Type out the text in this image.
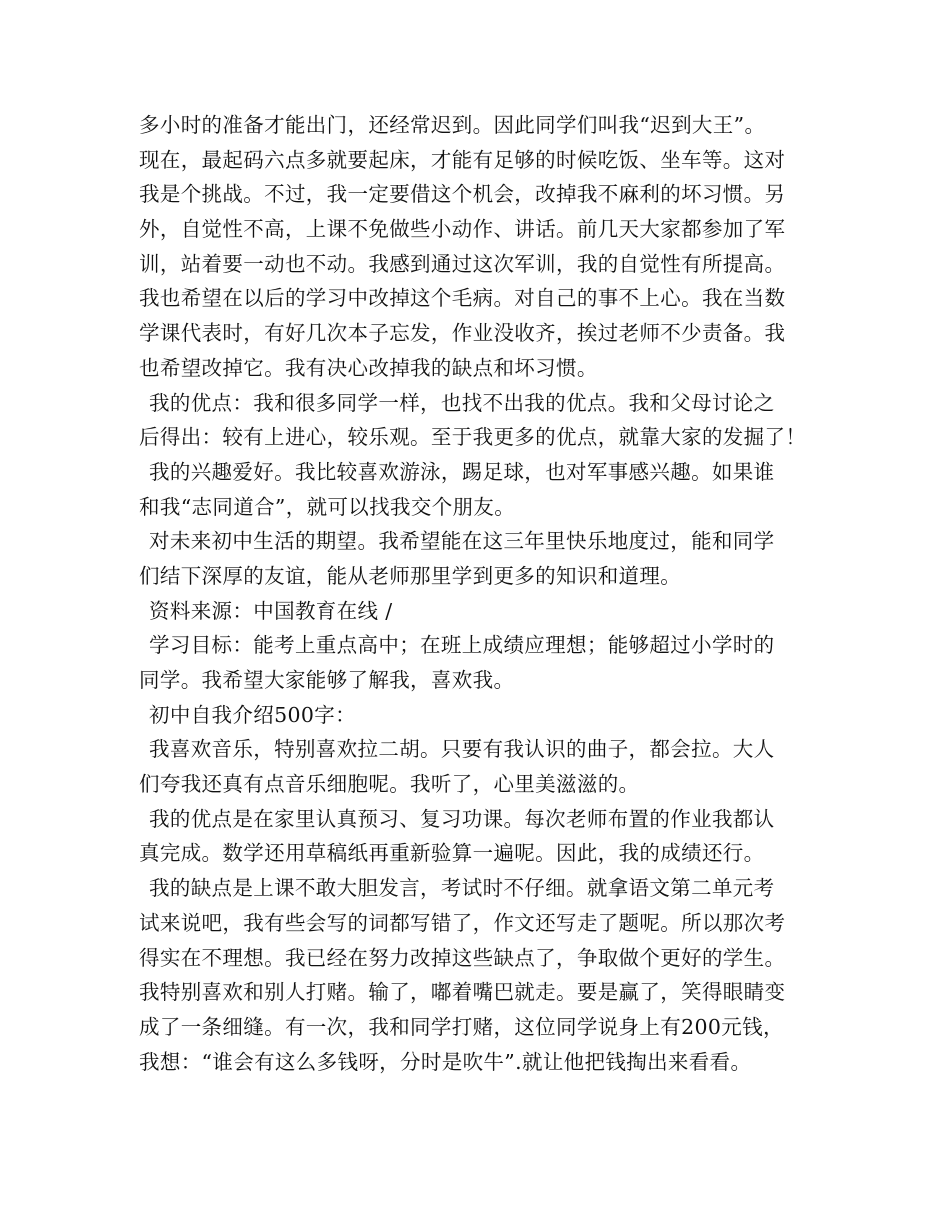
多小时的准备才能出门，还经常迟到。因此同学们叫我“迟到大王”。
现在，最起码六点多就要起床，才能有足够的时候吃饭、坐车等。这对
我是个挑战。不过，我一定要借这个机会，改掉我不麻利的坏习惯。另
外，自觉性不高，上课不免做些小动作、讲话。前几天大家都参加了军
训，站着要一动也不动。我感到通过这次军训，我的自觉性有所提高。
我也希望在以后的学习中改掉这个毛病。对自己的事不上心。我在当数
学课代表时，有好几次本子忘发，作业没收齐，挨过老师不少责备。我
也希望改掉它。我有决心改掉我的缺点和坏习惯。
我的优点：我和很多同学一样，也找不出我的优点。我和父母讨论之
后得出：较有上进心，较乐观。至于我更多的优点，就靠大家的发掘了！
我的兴趣爱好。我比较喜欢游泳，踢足球，也对军事感兴趣。如果谁
和我“志同道合”，就可以找我交个朋友。
对未来初中生活的期望。我希望能在这三年里快乐地度过，能和同学
们结下深厚的友谊，能从老师那里学到更多的知识和道理。
资料来源：中国教育在线 /
学习目标：能考上重点高中；在班上成绩应理想；能够超过小学时的
同学。我希望大家能够了解我，喜欢我。
初中自我介绍500字：
我喜欢音乐，特别喜欢拉二胡。只要有我认识的曲子，都会拉。大人
们夸我还真有点音乐细胞呢。我听了，心里美滋滋的。
我的优点是在家里认真预习、复习功课。每次老师布置的作业我都认
真完成。数学还用草稿纸再重新验算一遍呢。因此，我的成绩还行。
我的缺点是上课不敢大胆发言，考试时不仔细。就拿语文第二单元考
试来说吧，我有些会写的词都写错了，作文还写走了题呢。所以那次考
得实在不理想。我已经在努力改掉这些缺点了，争取做个更好的学生。
我特别喜欢和别人打赌。输了，嘟着嘴巴就走。要是赢了，笑得眼睛变
成了一条细缝。有一次，我和同学打赌，这位同学说身上有200元钱，
我想：“谁会有这么多钱呀，分时是吹牛”.就让他把钱掏出来看看。
